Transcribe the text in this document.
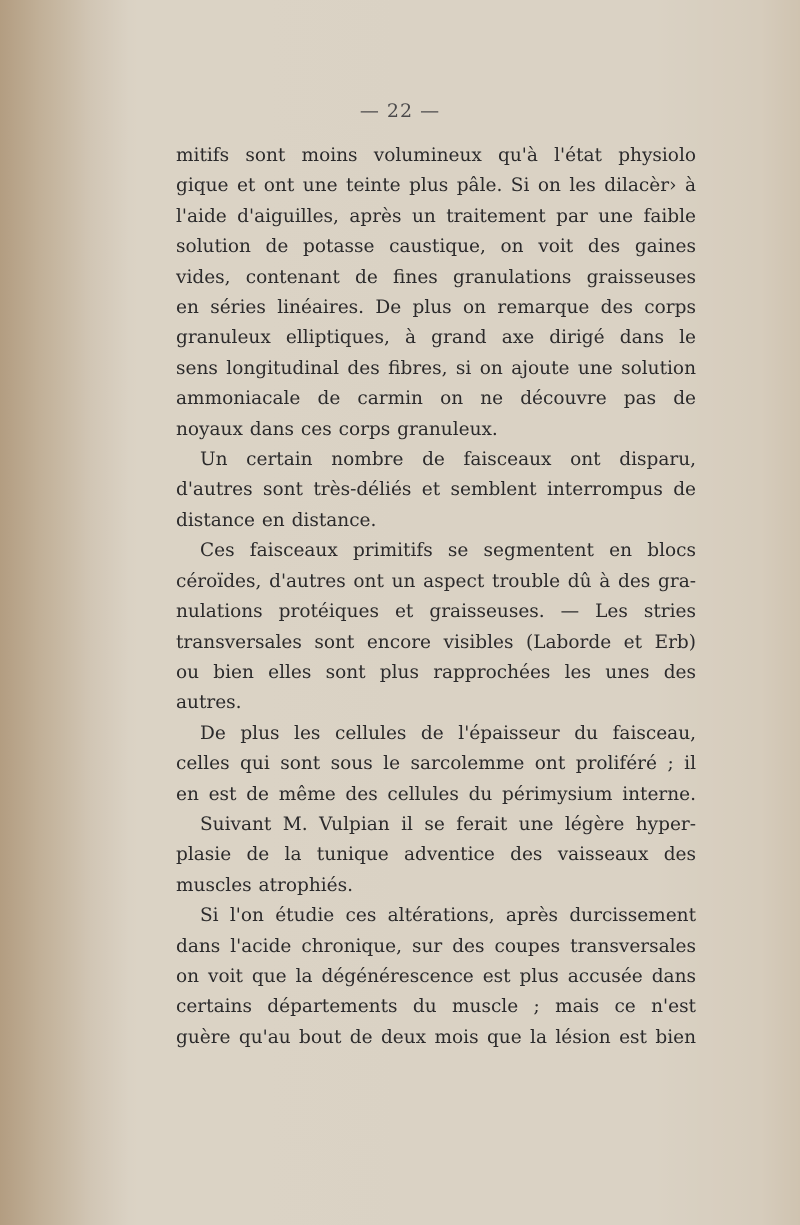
— 22 —

mitifs sont moins volumineux qu'à l'état physiolo

gique et ont une teinte plus pâle. Si on les dilacèr› à

l'aide d'aiguilles, après un traitement par une faible

solution de potasse caustique, on voit des gaines

vides, contenant de fines granulations graisseuses

en séries linéaires. De plus on remarque des corps

granuleux elliptiques, à grand axe dirigé dans le

sens longitudinal des fibres, si on ajoute une solution

ammoniacale de carmin on ne découvre pas de

noyaux dans ces corps granuleux.

Un certain nombre de faisceaux ont disparu,

d'autres sont très-déliés et semblent interrompus de

distance en distance.

Ces faisceaux primitifs se segmentent en blocs

céroïdes, d'autres ont un aspect trouble dû à des gra-

nulations protéiques et graisseuses. — Les stries

transversales sont encore visibles (Laborde et Erb)

ou bien elles sont plus rapprochées les unes des

autres.

De plus les cellules de l'épaisseur du faisceau,

celles qui sont sous le sarcolemme ont proliféré ; il

en est de même des cellules du périmysium interne.

Suivant M. Vulpian il se ferait une légère hyper-

plasie de la tunique adventice des vaisseaux des

muscles atrophiés.

Si l'on étudie ces altérations, après durcissement

dans l'acide chronique, sur des coupes transversales

on voit que la dégénérescence est plus accusée dans

certains départements du muscle ; mais ce n'est

guère qu'au bout de deux mois que la lésion est bien
